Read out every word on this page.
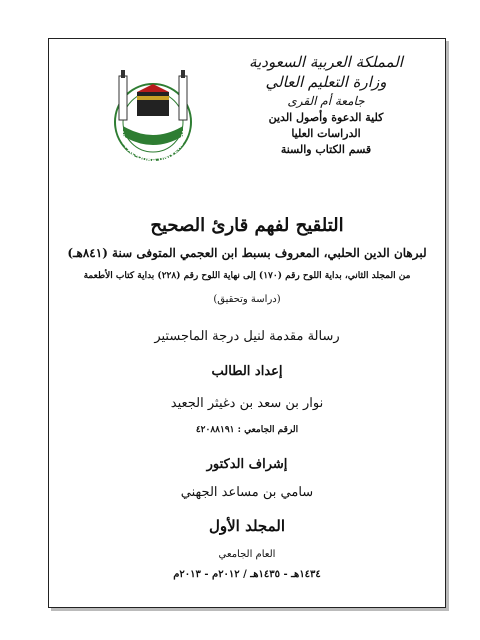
UMM AL-QURA UNIVERSITY
المملكة العربية السعودية
وزارة التعليم العالي
جامعة أم القرى
كلية الدعوة وأصول الدين
الدراسات العليا
قسم الكتاب والسنة
التلقيح لفهم قارئ الصحيح
لبرهان الدين الحلبي، المعروف بسبط ابن العجمي المتوفى سنة (٨٤١هـ)
من المجلد الثاني، بداية اللوح رقم (١٧٠) إلى نهاية اللوح رقم (٢٢٨) بداية كتاب الأطعمة
(دراسة وتحقيق)
رسالة مقدمة لنيل درجة الماجستير
إعداد الطالب
نوار بن سعد بن دغيثر الجعيد
الرقم الجامعي : ٤٢٠٨٨١٩١
إشراف الدكتور
سامي بن مساعد الجهني
المجلد الأول
العام الجامعي
١٤٣٤هـ - ١٤٣٥هـ / ٢٠١٢م - ٢٠١٣م
